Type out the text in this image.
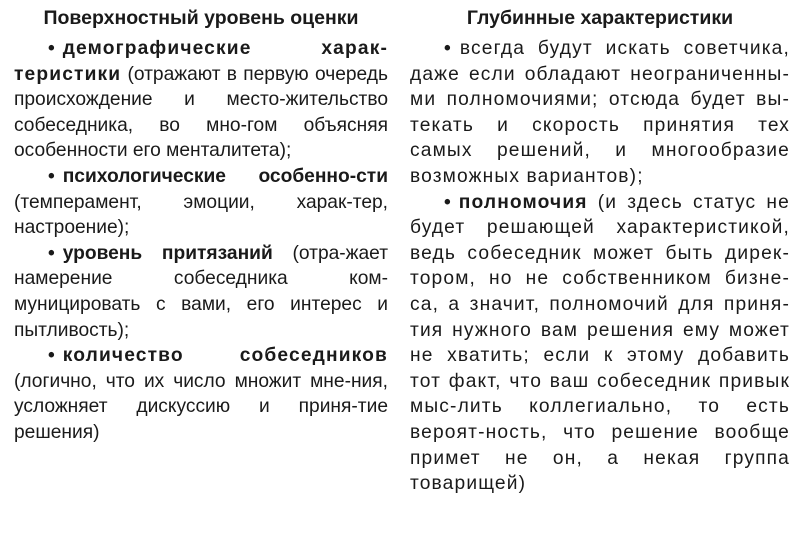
Поверхностный уровень оценки

• демографические харак-теристики (отражают в первую очередь происхождение и место-жительство собеседника, во мно-гом объясняя особенности его менталитета);

• психологические особенно-сти (темперамент, эмоции, харак-тер, настроение);

• уровень притязаний (отра-жает намерение собеседника ком-муницировать с вами, его интерес и пытливость);

• количество собеседников (логично, что их число множит мне-ния, усложняет дискуссию и приня-тие решения)

Глубинные характеристики

• всегда будут искать советчика, даже если обладают неограниченны-ми полномочиями; отсюда будет вы-текать и скорость принятия тех самых решений, и многообразие возможных вариантов);

• полномочия (и здесь статус не будет решающей характеристикой, ведь собеседник может быть дирек-тором, но не собственником бизне-са, а значит, полномочий для приня-тия нужного вам решения ему может не хватить; если к этому добавить тот факт, что ваш собеседник привык мыс-лить коллегиально, то есть вероят-ность, что решение вообще примет не он, а некая группа товарищей)
